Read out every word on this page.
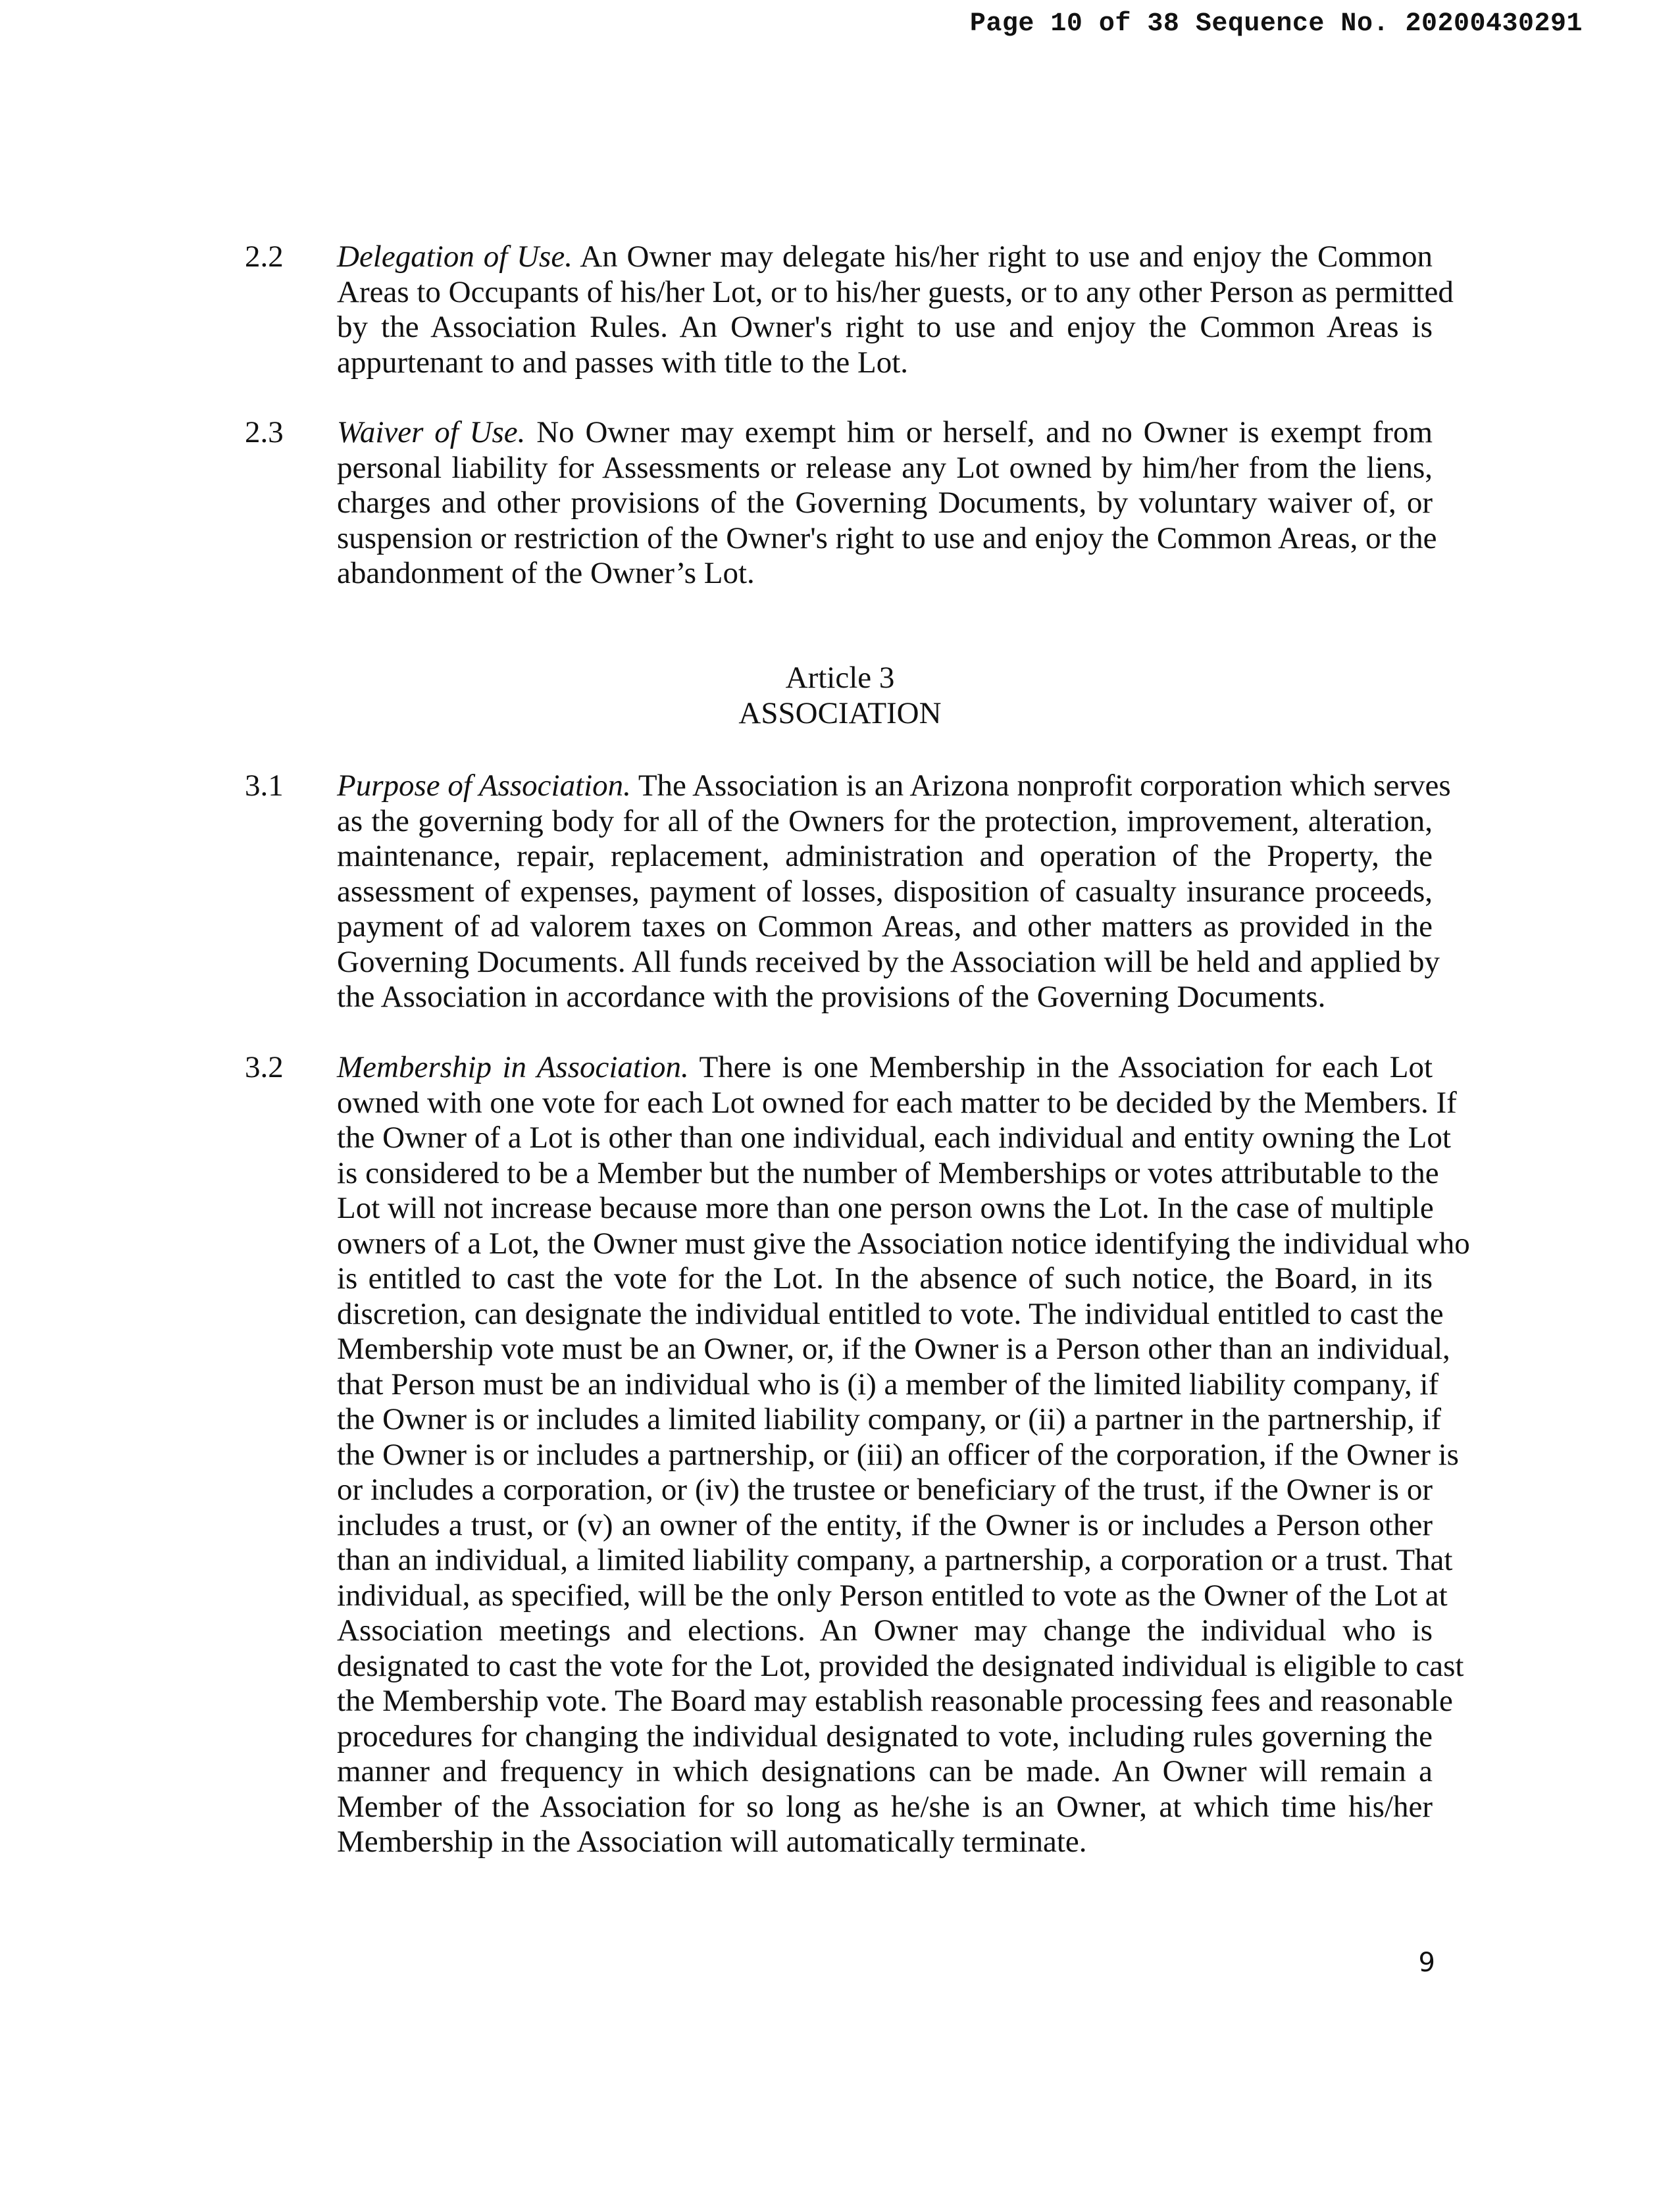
Page 10 of 38 Sequence No. 20200430291
2.2 Delegation of Use. An Owner may delegate his/her right to use and enjoy the Common
Areas to Occupants of his/her Lot, or to his/her guests, or to any other Person as permitted
by the Association Rules. An Owner's right to use and enjoy the Common Areas is
appurtenant to and passes with title to the Lot.
2.3 Waiver of Use. No Owner may exempt him or herself, and no Owner is exempt from
personal liability for Assessments or release any Lot owned by him/her from the liens,
charges and other provisions of the Governing Documents, by voluntary waiver of, or
suspension or restriction of the Owner's right to use and enjoy the Common Areas, or the
abandonment of the Owner’s Lot.
Article 3
ASSOCIATION
3.1 Purpose of Association. The Association is an Arizona nonprofit corporation which serves
as the governing body for all of the Owners for the protection, improvement, alteration,
maintenance, repair, replacement, administration and operation of the Property, the
assessment of expenses, payment of losses, disposition of casualty insurance proceeds,
payment of ad valorem taxes on Common Areas, and other matters as provided in the
Governing Documents. All funds received by the Association will be held and applied by
the Association in accordance with the provisions of the Governing Documents.
3.2 Membership in Association. There is one Membership in the Association for each Lot
owned with one vote for each Lot owned for each matter to be decided by the Members. If
the Owner of a Lot is other than one individual, each individual and entity owning the Lot
is considered to be a Member but the number of Memberships or votes attributable to the
Lot will not increase because more than one person owns the Lot. In the case of multiple
owners of a Lot, the Owner must give the Association notice identifying the individual who
is entitled to cast the vote for the Lot. In the absence of such notice, the Board, in its
discretion, can designate the individual entitled to vote. The individual entitled to cast the
Membership vote must be an Owner, or, if the Owner is a Person other than an individual,
that Person must be an individual who is (i) a member of the limited liability company, if
the Owner is or includes a limited liability company, or (ii) a partner in the partnership, if
the Owner is or includes a partnership, or (iii) an officer of the corporation, if the Owner is
or includes a corporation, or (iv) the trustee or beneficiary of the trust, if the Owner is or
includes a trust, or (v) an owner of the entity, if the Owner is or includes a Person other
than an individual, a limited liability company, a partnership, a corporation or a trust. That
individual, as specified, will be the only Person entitled to vote as the Owner of the Lot at
Association meetings and elections. An Owner may change the individual who is
designated to cast the vote for the Lot, provided the designated individual is eligible to cast
the Membership vote. The Board may establish reasonable processing fees and reasonable
procedures for changing the individual designated to vote, including rules governing the
manner and frequency in which designations can be made. An Owner will remain a
Member of the Association for so long as he/she is an Owner, at which time his/her
Membership in the Association will automatically terminate.
9
